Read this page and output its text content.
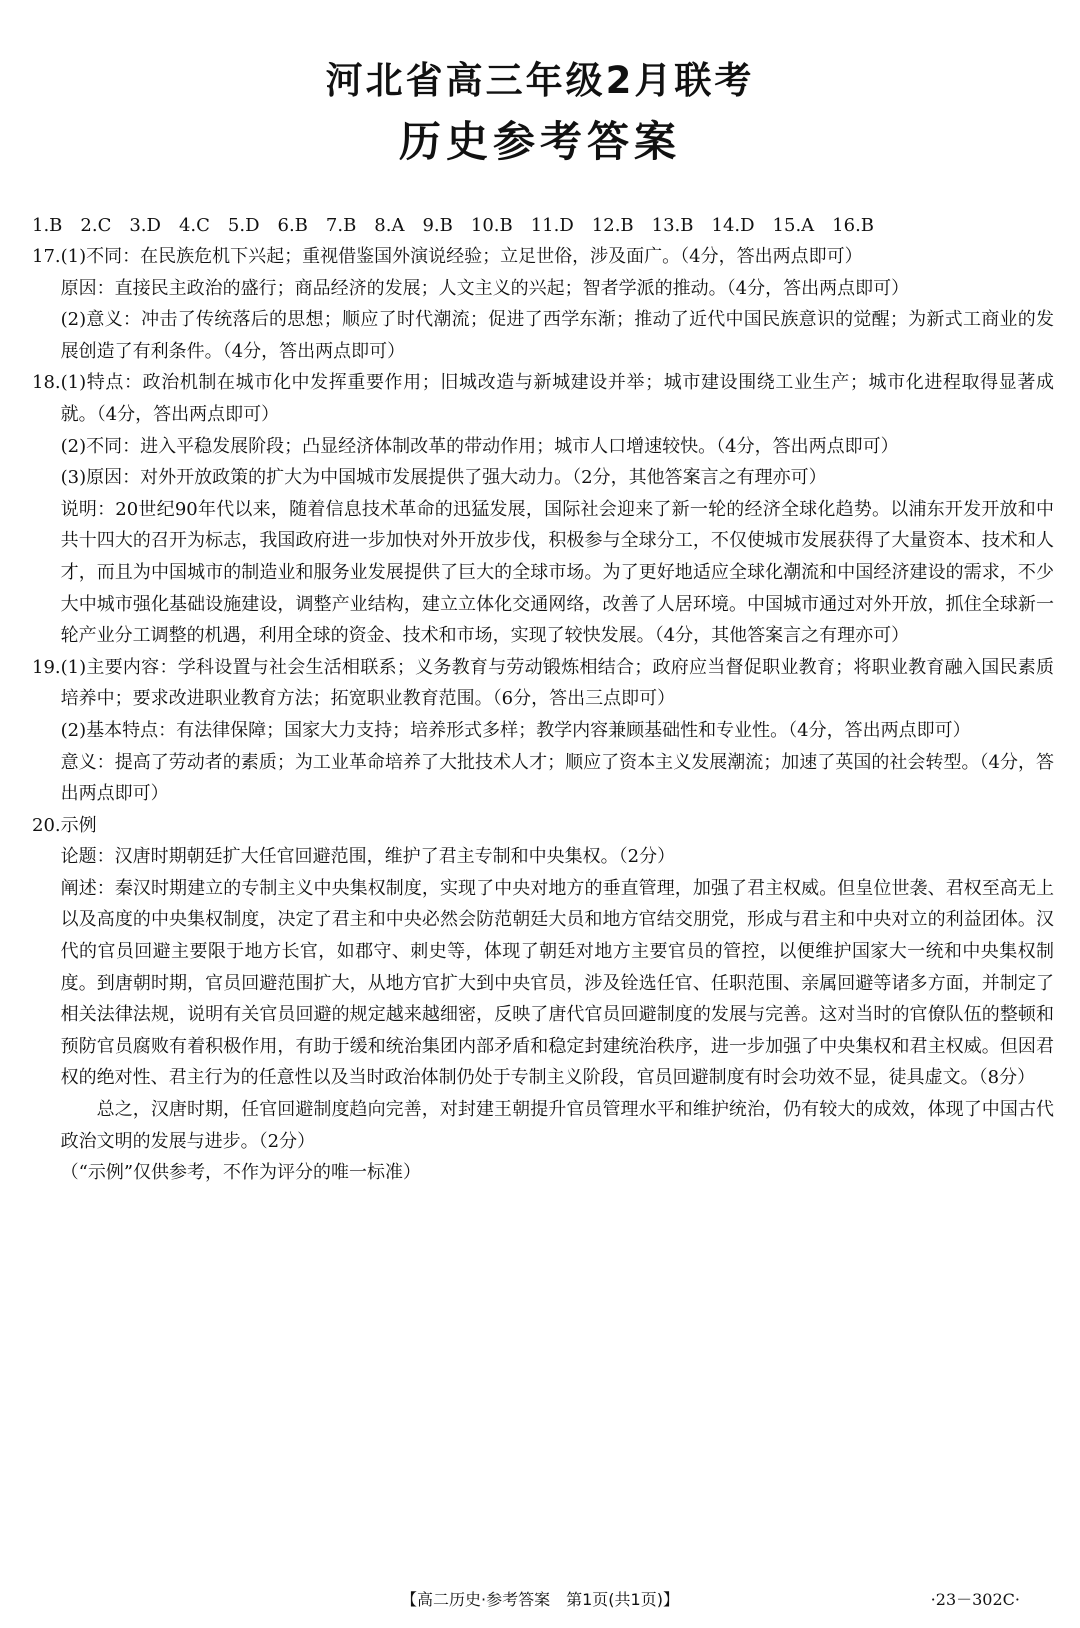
河北省高三年级2月联考
历史参考答案
1.B　2.C　3.D　4.C　5.D　6.B　7.B　8.A　9.B　10.B　11.D　12.B　13.B　14.D　15.A　16.B
17. (1)不同：在民族危机下兴起；重视借鉴国外演说经验；立足世俗，涉及面广。（4分，答出两点即可）

原因：直接民主政治的盛行；商品经济的发展；人文主义的兴起；智者学派的推动。（4分，答出两点即可）

(2)意义：冲击了传统落后的思想；顺应了时代潮流；促进了西学东渐；推动了近代中国民族意识的觉醒；为新式工商业的发展创造了有利条件。（4分，答出两点即可）

18. (1)特点：政治机制在城市化中发挥重要作用；旧城改造与新城建设并举；城市建设围绕工业生产；城市化进程取得显著成就。（4分，答出两点即可）

(2)不同：进入平稳发展阶段；凸显经济体制改革的带动作用；城市人口增速较快。（4分，答出两点即可）

(3)原因：对外开放政策的扩大为中国城市发展提供了强大动力。（2分，其他答案言之有理亦可）

说明：20世纪90年代以来，随着信息技术革命的迅猛发展，国际社会迎来了新一轮的经济全球化趋势。以浦东开发开放和中共十四大的召开为标志，我国政府进一步加快对外开放步伐，积极参与全球分工，不仅使城市发展获得了大量资本、技术和人才，而且为中国城市的制造业和服务业发展提供了巨大的全球市场。为了更好地适应全球化潮流和中国经济建设的需求，不少大中城市强化基础设施建设，调整产业结构，建立立体化交通网络，改善了人居环境。中国城市通过对外开放，抓住全球新一轮产业分工调整的机遇，利用全球的资金、技术和市场，实现了较快发展。（4分，其他答案言之有理亦可）

19. (1)主要内容：学科设置与社会生活相联系；义务教育与劳动锻炼相结合；政府应当督促职业教育；将职业教育融入国民素质培养中；要求改进职业教育方法；拓宽职业教育范围。（6分，答出三点即可）

(2)基本特点：有法律保障；国家大力支持；培养形式多样；教学内容兼顾基础性和专业性。（4分，答出两点即可）

意义：提高了劳动者的素质；为工业革命培养了大批技术人才；顺应了资本主义发展潮流；加速了英国的社会转型。（4分，答出两点即可）

20. 示例

论题：汉唐时期朝廷扩大任官回避范围，维护了君主专制和中央集权。（2分）

阐述：秦汉时期建立的专制主义中央集权制度，实现了中央对地方的垂直管理，加强了君主权威。但皇位世袭、君权至高无上以及高度的中央集权制度，决定了君主和中央必然会防范朝廷大员和地方官结交朋党，形成与君主和中央对立的利益团体。汉代的官员回避主要限于地方长官，如郡守、刺史等，体现了朝廷对地方主要官员的管控，以便维护国家大一统和中央集权制度。到唐朝时期，官员回避范围扩大，从地方官扩大到中央官员，涉及铨选任官、任职范围、亲属回避等诸多方面，并制定了相关法律法规，说明有关官员回避的规定越来越细密，反映了唐代官员回避制度的发展与完善。这对当时的官僚队伍的整顿和预防官员腐败有着积极作用，有助于缓和统治集团内部矛盾和稳定封建统治秩序，进一步加强了中央集权和君主权威。但因君权的绝对性、君主行为的任意性以及当时政治体制仍处于专制主义阶段，官员回避制度有时会功效不显，徒具虚文。（8分）

总之，汉唐时期，任官回避制度趋向完善，对封建王朝提升官员管理水平和维护统治，仍有较大的成效，体现了中国古代政治文明的发展与进步。（2分）

（“示例”仅供参考，不作为评分的唯一标准）

【高二历史·参考答案　第1页(共1页)】	·23－302C·
